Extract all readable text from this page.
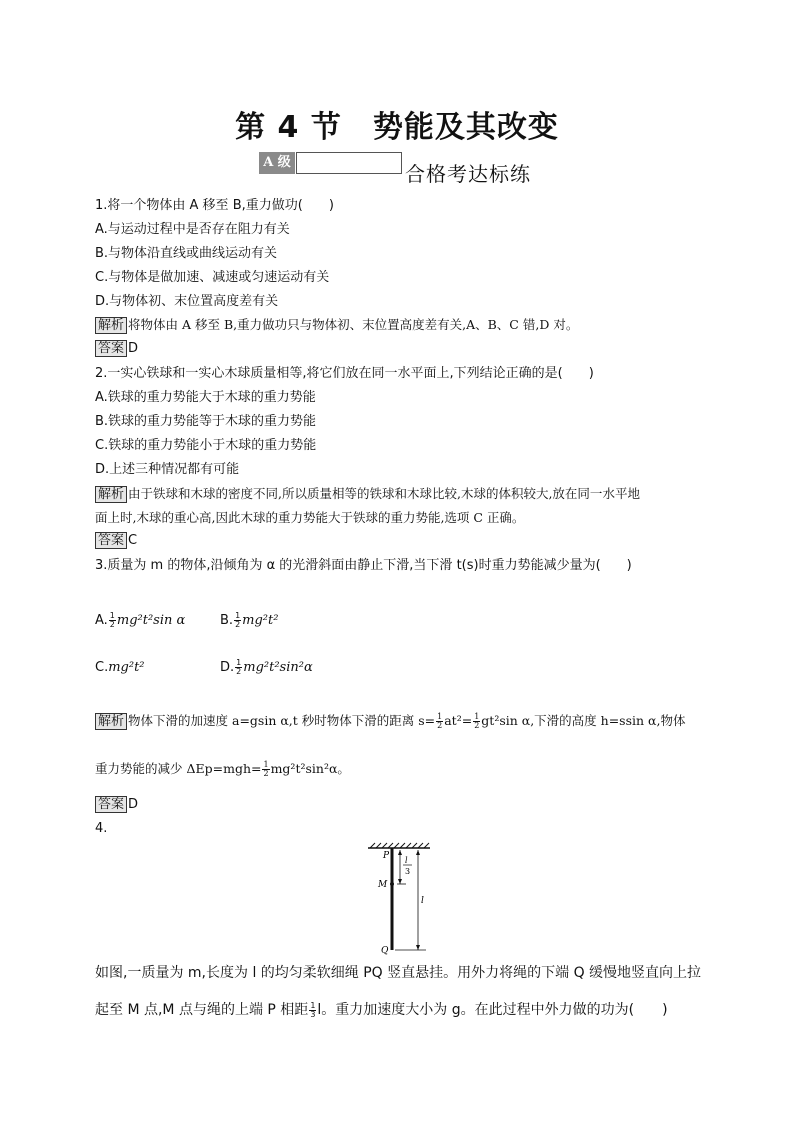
第 4 节　势能及其改变
A 级	合格考达标练
1.将一个物体由 A 移至 B,重力做功(　　)
A.与运动过程中是否存在阻力有关
B.与物体沿直线或曲线运动有关
C.与物体是做加速、减速或匀速运动有关
D.与物体初、末位置高度差有关
解析 将物体由 A 移至 B,重力做功只与物体初、末位置高度差有关,A、B、C 错,D 对。
答案 D
2.一实心铁球和一实心木球质量相等,将它们放在同一水平面上,下列结论正确的是(　　)
A.铁球的重力势能大于木球的重力势能
B.铁球的重力势能等于木球的重力势能
C.铁球的重力势能小于木球的重力势能
D.上述三种情况都有可能
解析 由于铁球和木球的密度不同,所以质量相等的铁球和木球比较,木球的体积较大,放在同一水平地
面上时,木球的重心高,因此木球的重力势能大于铁球的重力势能,选项 C 正确。
答案 C
3.质量为 m 的物体,沿倾角为 α 的光滑斜面由静止下滑,当下滑 t(s)时重力势能减少量为(　　)
A. $\frac{1}{2} mg^2t^2\sin$ α	B. $\frac{1}{2} mg^2t^2$
C.mg²t²	D. $\frac{1}{2} mg^2t^2\sin^2\alpha$
解析 物体下滑的加速度 a=gsin α,t 秒时物体下滑的距离 $s= \frac{1}{2} at^2= \frac{1}{2} gt^2\sin$ α,下滑的高度 h=ssin α,物体
重力势能的减少 $\Delta Ep=mgh= \frac{1}{2} mg^2t^2\sin^2\alpha$。
答案 D
4.
P
M
Q
l
3
l
如图,一质量为 m,长度为 l 的均匀柔软细绳 PQ 竖直悬挂。用外力将绳的下端 Q 缓慢地竖直向上拉
起至 M 点,M 点与绳的上端 P 相距 $\frac{1}{3}$ l。重力加速度大小为 g。在此过程中外力做的功为(　　)
